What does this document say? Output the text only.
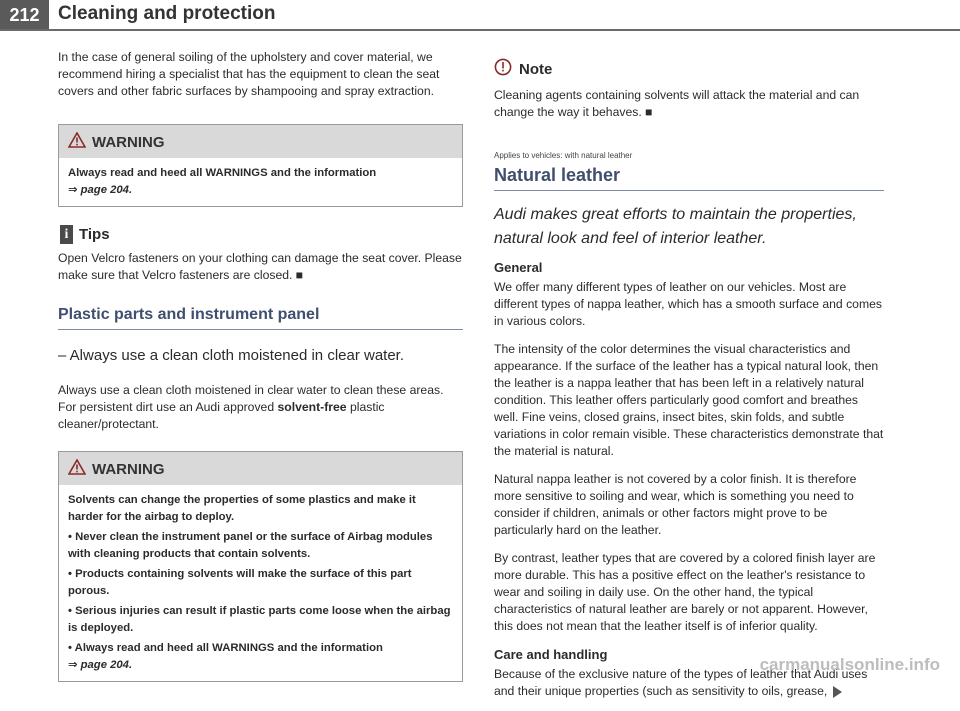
212 Cleaning and protection

In the case of general soiling of the upholstery and cover material, we recommend hiring a specialist that has the equipment to clean the seat covers and other fabric surfaces by shampooing and spray extraction.

WARNING
Always read and heed all WARNINGS and the information
⇒ page 204.
i Tips

Open Velcro fasteners on your clothing can damage the seat cover. Please make sure that Velcro fasteners are closed. ■

Plastic parts and instrument panel
– Always use a clean cloth moistened in clear water.

Always use a clean cloth moistened in clear water to clean these areas. For persistent dirt use an Audi approved solvent-free plastic cleaner/protectant.

WARNING
Solvents can change the properties of some plastics and make it harder for the airbag to deploy.
• Never clean the instrument panel or the surface of Airbag modules with cleaning products that contain solvents.
• Products containing solvents will make the surface of this part porous.
• Serious injuries can result if plastic parts come loose when the airbag is deployed.
• Always read and heed all WARNINGS and the information
⇒ page 204.
Note

Cleaning agents containing solvents will attack the material and can change the way it behaves. ■

Applies to vehicles: with natural leather
Natural leather
Audi makes great efforts to maintain the properties, natural look and feel of interior leather.
General

We offer many different types of leather on our vehicles. Most are different types of nappa leather, which has a smooth surface and comes in various colors.

The intensity of the color determines the visual characteristics and appearance. If the surface of the leather has a typical natural look, then the leather is a nappa leather that has been left in a relatively natural condition. This leather offers particularly good comfort and breathes well. Fine veins, closed grains, insect bites, skin folds, and subtle variations in color remain visible. These characteristics demonstrate that the material is natural.

Natural nappa leather is not covered by a color finish. It is therefore more sensitive to soiling and wear, which is something you need to consider if children, animals or other factors might prove to be particularly hard on the leather.

By contrast, leather types that are covered by a colored finish layer are more durable. This has a positive effect on the leather's resistance to wear and soiling in daily use. On the other hand, the typical characteristics of natural leather are barely or not apparent. However, this does not mean that the leather itself is of inferior quality.

Care and handling

Because of the exclusive nature of the types of leather that Audi uses and their unique properties (such as sensitivity to oils, grease,

carmanualsonline.info
